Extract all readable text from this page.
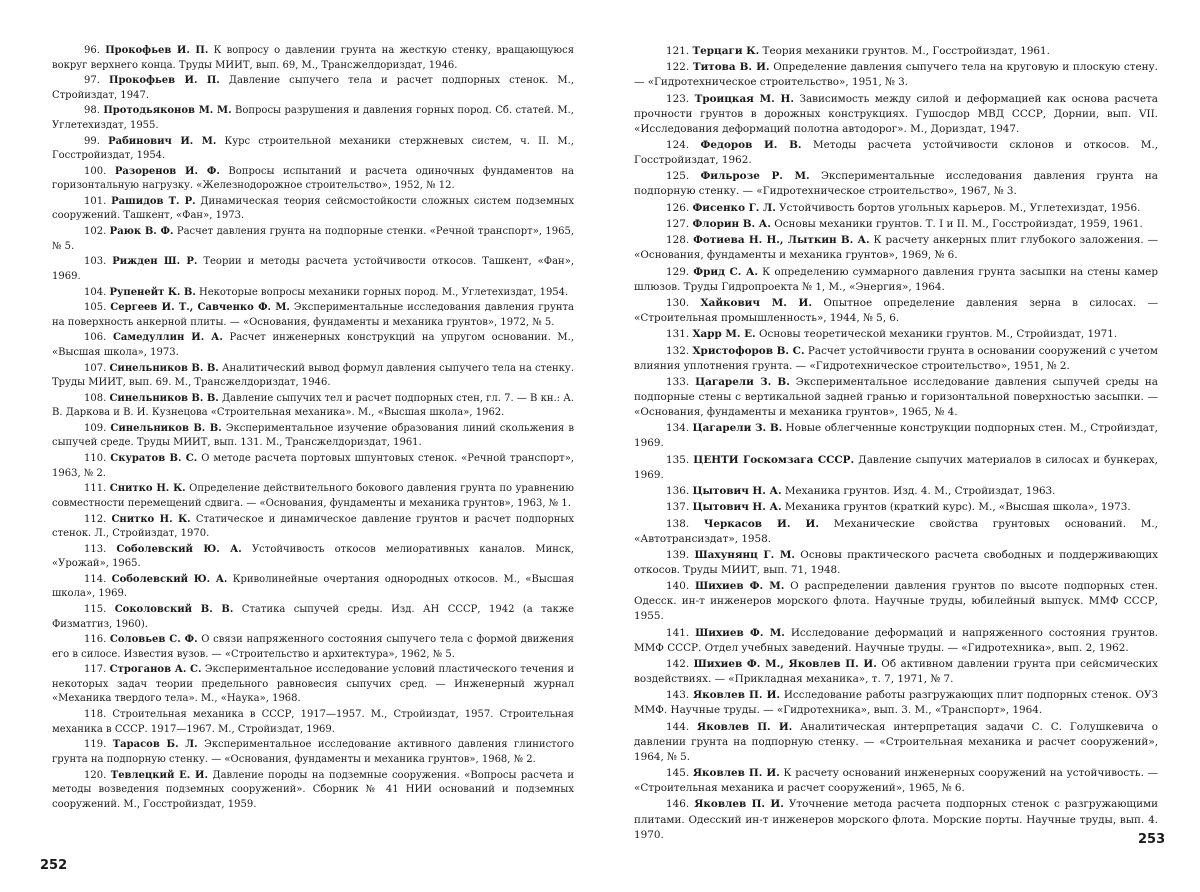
96. Прокофьев И. П. К вопросу о давлении грунта на жесткую стенку, вращающуюся вокруг верхнего конца. Труды МИИТ, вып. 69, М., Трансжелдориздат, 1946.

97. Прокофьев И. П. Давление сыпучего тела и расчет подпорных стенок. М., Стройиздат, 1947.

98. Протодьяконов М. М. Вопросы разрушения и давления горных пород. Сб. статей. М., Углетехиздат, 1955.

99. Рабинович И. М. Курс строительной механики стержневых систем, ч. II. М., Госстройиздат, 1954.

100. Разоренов И. Ф. Вопросы испытаний и расчета одиночных фундаментов на горизонтальную нагрузку. «Железнодорожное строительство», 1952, № 12.

101. Рашидов Т. Р. Динамическая теория сейсмостойкости сложных систем подземных сооружений. Ташкент, «Фан», 1973.

102. Раюк В. Ф. Расчет давления грунта на подпорные стенки. «Речной транспорт», 1965, № 5.

103. Рижден Ш. Р. Теории и методы расчета устойчивости откосов. Ташкент, «Фан», 1969.

104. Рупенейт К. В. Некоторые вопросы механики горных пород. М., Углетехиздат, 1954.

105. Сергеев И. Т., Савченко Ф. М. Экспериментальные исследования давления грунта на поверхность анкерной плиты. — «Основания, фундаменты и механика грунтов», 1972, № 5.

106. Самедуллин И. А. Расчет инженерных конструкций на упругом основании. М., «Высшая школа», 1973.

107. Синельников В. В. Аналитический вывод формул давления сыпучего тела на стенку. Труды МИИТ, вып. 69. М., Трансжелдориздат, 1946.

108. Синельников В. В. Давление сыпучих тел и расчет подпорных стен, гл. 7. — В кн.: А. В. Даркова и В. И. Кузнецова «Строительная механика». М., «Высшая школа», 1962.

109. Синельников В. В. Экспериментальное изучение образования линий скольжения в сыпучей среде. Труды МИИТ, вып. 131. М., Трансжелдориздат, 1961.

110. Скуратов В. С. О методе расчета портовых шпунтовых стенок. «Речной транспорт», 1963, № 2.

111. Снитко Н. К. Определение действительного бокового давления грунта по уравнению совместности перемещений сдвига. — «Основания, фундаменты и механика грунтов», 1963, № 1.

112. Снитко Н. К. Статическое и динамическое давление грунтов и расчет подпорных стенок. Л., Стройиздат, 1970.

113. Соболевский Ю. А. Устойчивость откосов мелиоративных каналов. Минск, «Урожай», 1965.

114. Соболевский Ю. А. Криволинейные очертания однородных откосов. М., «Высшая школа», 1969.

115. Соколовский В. В. Статика сыпучей среды. Изд. АН СССР, 1942 (а также Физматгиз, 1960).

116. Соловьев С. Ф. О связи напряженного состояния сыпучего тела с формой движения его в силосе. Известия вузов. — «Строительство и архитектура», 1962, № 5.

117. Строганов А. С. Экспериментальное исследование условий пластического течения и некоторых задач теории предельного равновесия сыпучих сред. — Инженерный журнал «Механика твердого тела». М., «Наука», 1968.

118. Строительная механика в СССР, 1917—1957. М., Стройиздат, 1957. Строительная механика в СССР. 1917—1967. М., Стройиздат, 1969.

119. Тарасов Б. Л. Экспериментальное исследование активного давления глинистого грунта на подпорную стенку. — «Основания, фундаменты и механика грунтов», 1968, № 2.

120. Тевлецкий Е. И. Давление породы на подземные сооружения. «Вопросы расчета и методы возведения подземных сооружений». Сборник № 41 НИИ оснований и подземных сооружений. М., Госстройиздат, 1959.

121. Терцаги К. Теория механики грунтов. М., Госстройиздат, 1961.

122. Титова В. И. Определение давления сыпучего тела на круговую и плоскую стену. — «Гидротехническое строительство», 1951, № 3.

123. Троицкая М. Н. Зависимость между силой и деформацией как основа расчета прочности грунтов в дорожных конструкциях. Гушосдор МВД СССР, Дорнии, вып. VII. «Исследования деформаций полотна автодорог». М., Дориздат, 1947.

124. Федоров И. В. Методы расчета устойчивости склонов и откосов. М., Госстройиздат, 1962.

125. Фильрозе Р. М. Экспериментальные исследования давления грунта на подпорную стенку. — «Гидротехническое строительство», 1967, № 3.

126. Фисенко Г. Л. Устойчивость бортов угольных карьеров. М., Углетехиздат, 1956.

127. Флорин В. А. Основы механики грунтов. Т. I и II. М., Госстройиздат, 1959, 1961.

128. Фотиева Н. Н., Лыткин В. А. К расчету анкерных плит глубокого заложения. — «Основания, фундаменты и механика грунтов», 1969, № 6.

129. Фрид С. А. К определению суммарного давления грунта засыпки на стены камер шлюзов. Труды Гидропроекта № 1, М., «Энергия», 1964.

130. Хайкович М. И. Опытное определение давления зерна в силосах. — «Строительная промышленность», 1944, № 5, 6.

131. Харр М. Е. Основы теоретической механики грунтов. М., Стройиздат, 1971.

132. Христофоров В. С. Расчет устойчивости грунта в основании сооружений с учетом влияния уплотнения грунта. — «Гидротехническое строительство», 1951, № 2.

133. Цагарели З. В. Экспериментальное исследование давления сыпучей среды на подпорные стены с вертикальной задней гранью и горизонтальной поверхностью засыпки. — «Основания, фундаменты и механика грунтов», 1965, № 4.

134. Цагарели З. В. Новые облегченные конструкции подпорных стен. М., Стройиздат, 1969.

135. ЦЕНТИ Госкомзага СССР. Давление сыпучих материалов в силосах и бункерах, 1969.

136. Цытович Н. А. Механика грунтов. Изд. 4. М., Стройиздат, 1963.

137. Цытович Н. А. Механика грунтов (краткий курс). М., «Высшая школа», 1973.

138. Черкасов И. И. Механические свойства грунтовых оснований. М., «Автотрансиздат», 1958.

139. Шахунянц Г. М. Основы практического расчета свободных и поддерживающих откосов. Труды МИИТ, вып. 71, 1948.

140. Шихиев Ф. М. О распределении давления грунтов по высоте подпорных стен. Одесск. ин-т инженеров морского флота. Научные труды, юбилейный выпуск. ММФ СССР, 1955.

141. Шихиев Ф. М. Исследование деформаций и напряженного состояния грунтов. ММФ СССР. Отдел учебных заведений. Научные труды. — «Гидротехника», вып. 2, 1962.

142. Шихиев Ф. М., Яковлев П. И. Об активном давлении грунта при сейсмических воздействиях. — «Прикладная механика», т. 7, 1971, № 7.

143. Яковлев П. И. Исследование работы разгружающих плит подпорных стенок. ОУЗ ММФ. Научные труды. — «Гидротехника», вып. 3. М., «Транспорт», 1964.

144. Яковлев П. И. Аналитическая интерпретация задачи С. С. Голушкевича о давлении грунта на подпорную стенку. — «Строительная механика и расчет сооружений», 1964, № 5.

145. Яковлев П. И. К расчету оснований инженерных сооружений на устойчивость. — «Строительная механика и расчет сооружений», 1965, № 6.

146. Яковлев П. И. Уточнение метода расчета подпорных стенок с разгружающими плитами. Одесский ин-т инженеров морского флота. Морские порты. Научные труды, вып. 4. 1970.

252
253
